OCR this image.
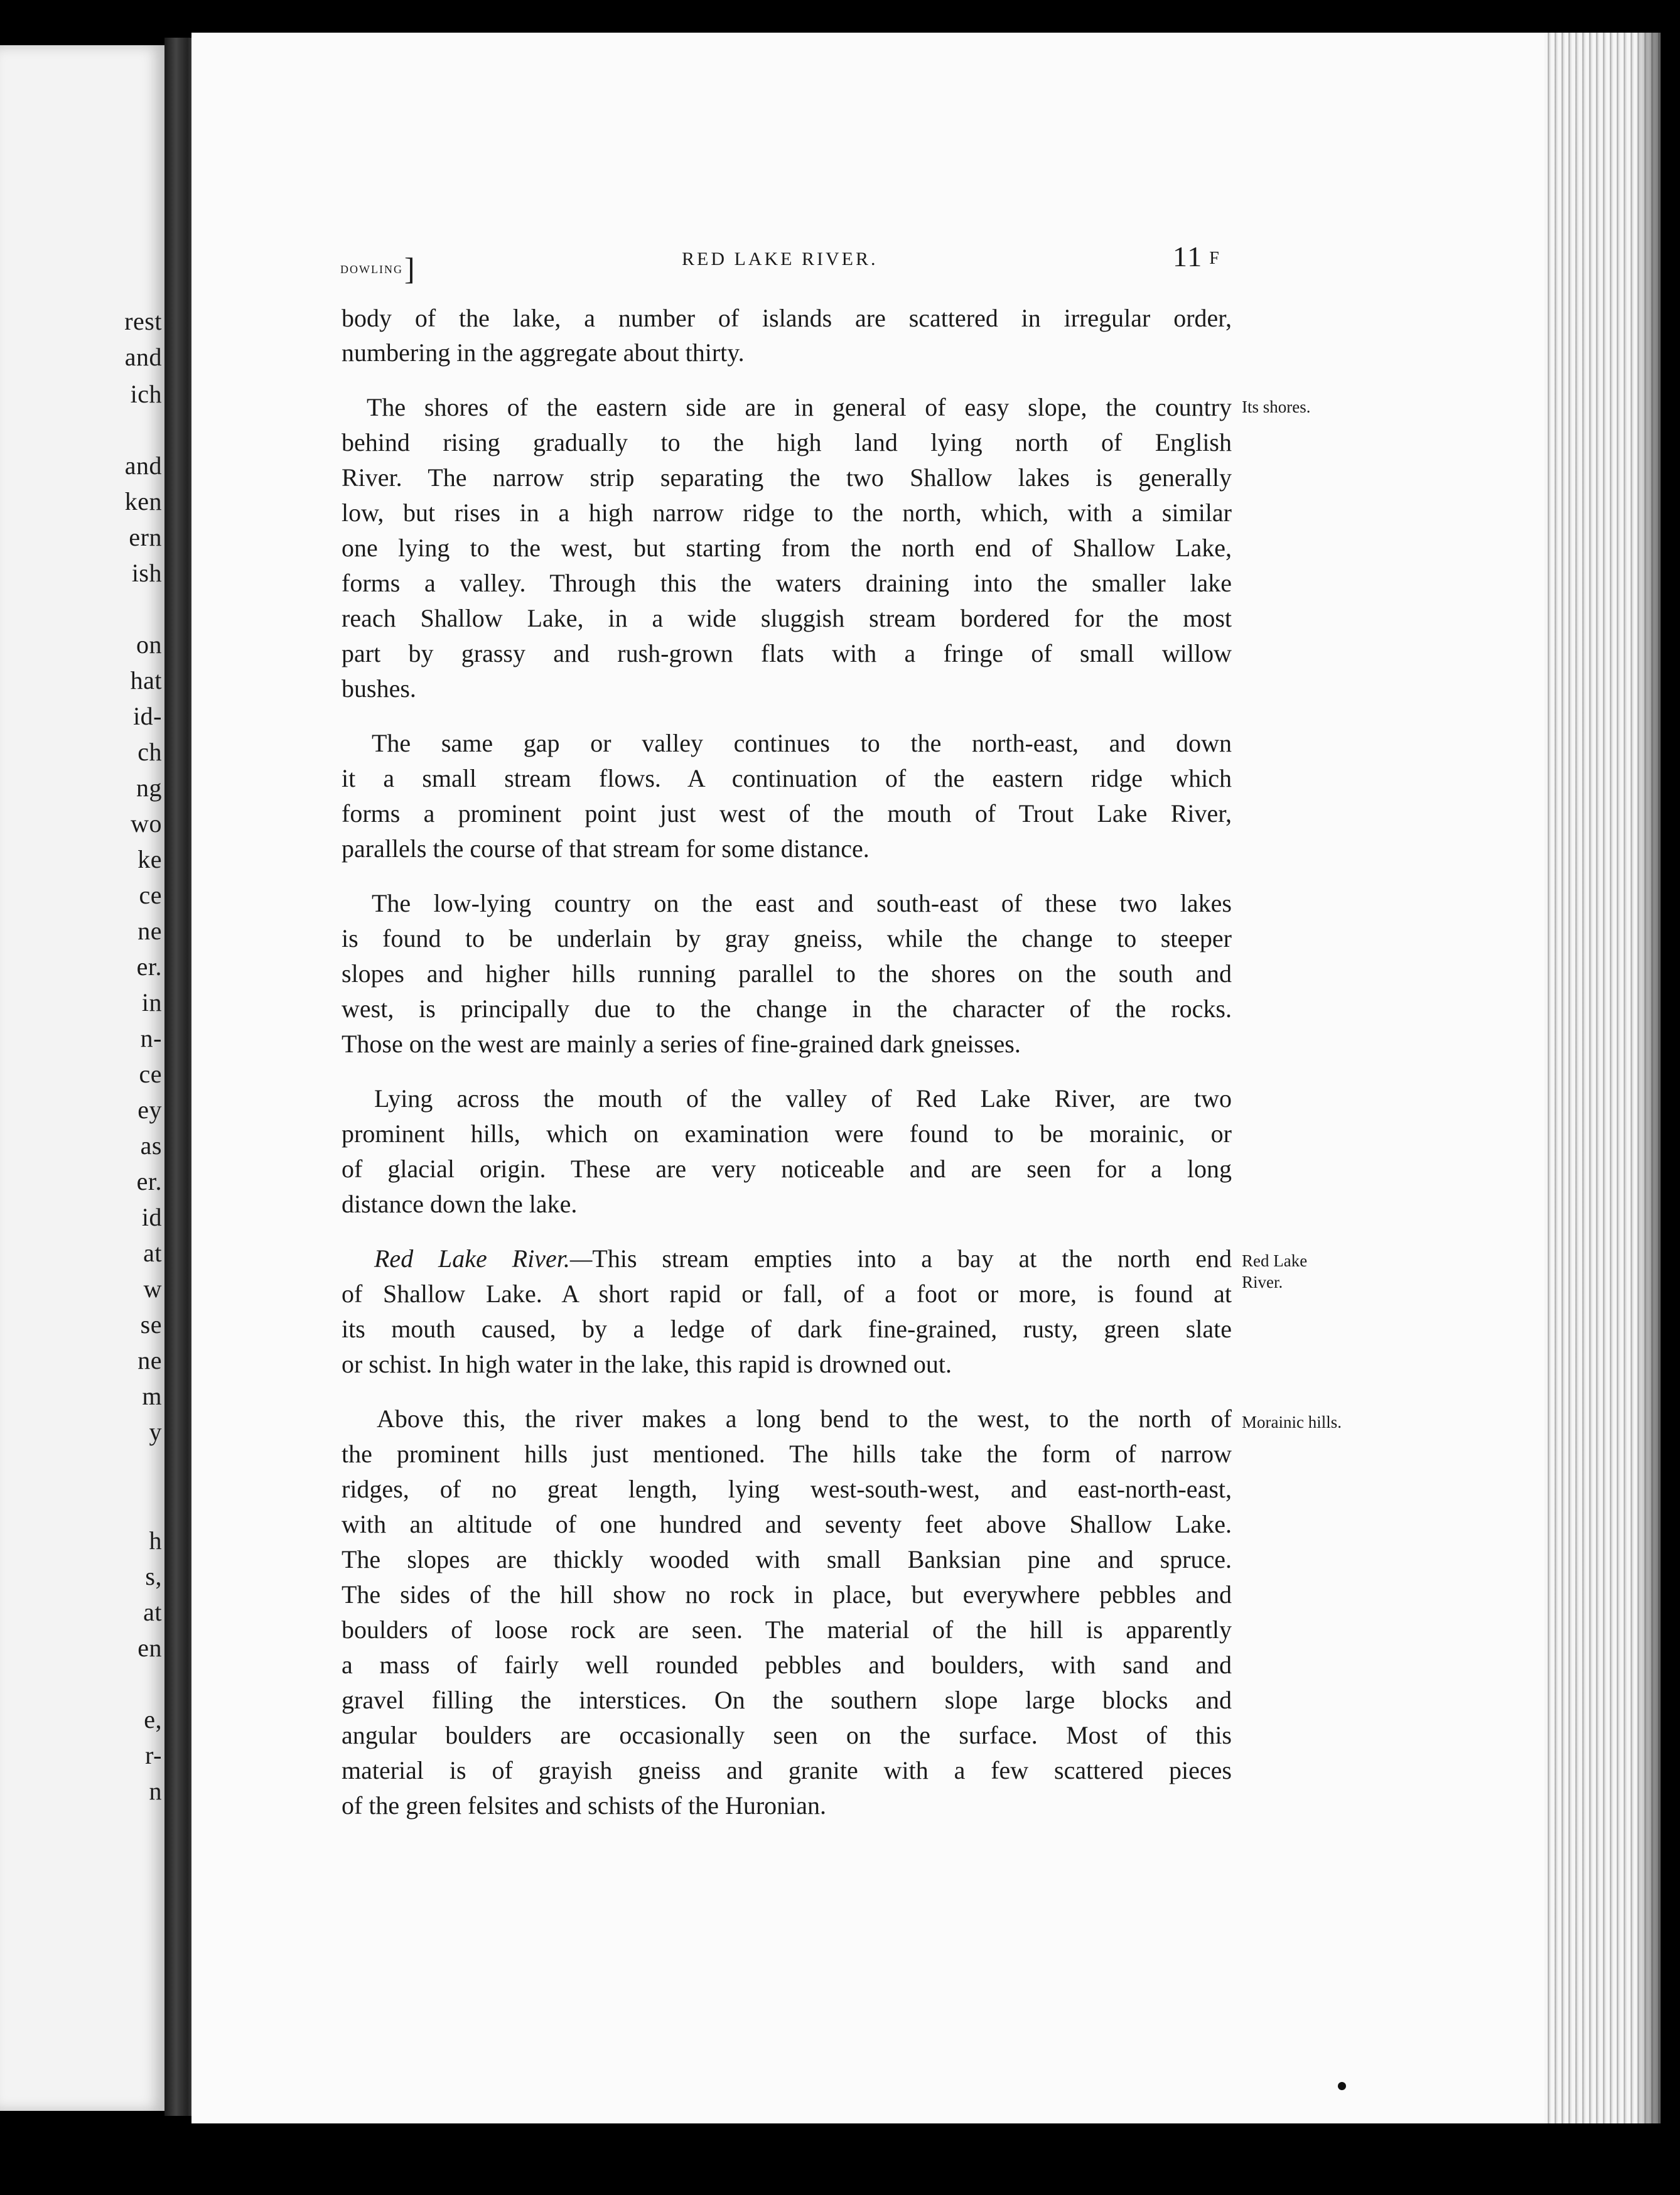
rest
and
ich
and
ken
ern
ish
on
hat
id-
ch
ng
wo
ke
ce
ne
er.
in
n-
ce
ey
as
er.
id
at
w
se
ne
m
y
h
s,
at
en
e,
r-
n
DOWLING]	RED LAKE RIVER.	11 F
body of the lake, a number of islands are scattered in irregular order,
numbering in the aggregate about thirty.
The shores of the eastern side are in general of easy slope, the country
behind rising gradually to the high land lying north of English
River. The narrow strip separating the two Shallow lakes is generally
low, but rises in a high narrow ridge to the north, which, with a similar
one lying to the west, but starting from the north end of Shallow Lake,
forms a valley. Through this the waters draining into the smaller lake
reach Shallow Lake, in a wide sluggish stream bordered for the most
part by grassy and rush-grown flats with a fringe of small willow
bushes.
The same gap or valley continues to the north-east, and down
it a small stream flows. A continuation of the eastern ridge which
forms a prominent point just west of the mouth of Trout Lake River,
parallels the course of that stream for some distance.
The low-lying country on the east and south-east of these two lakes
is found to be underlain by gray gneiss, while the change to steeper
slopes and higher hills running parallel to the shores on the south and
west, is principally due to the change in the character of the rocks.
Those on the west are mainly a series of fine-grained dark gneisses.
Lying across the mouth of the valley of Red Lake River, are two
prominent hills, which on examination were found to be morainic, or
of glacial origin. These are very noticeable and are seen for a long
distance down the lake.
Red Lake River.—This stream empties into a bay at the north end
of Shallow Lake. A short rapid or fall, of a foot or more, is found at
its mouth caused, by a ledge of dark fine-grained, rusty, green slate
or schist. In high water in the lake, this rapid is drowned out.
Above this, the river makes a long bend to the west, to the north of
the prominent hills just mentioned. The hills take the form of narrow
ridges, of no great length, lying west-south-west, and east-north-east,
with an altitude of one hundred and seventy feet above Shallow Lake.
The slopes are thickly wooded with small Banksian pine and spruce.
The sides of the hill show no rock in place, but everywhere pebbles and
boulders of loose rock are seen. The material of the hill is apparently
a mass of fairly well rounded pebbles and boulders, with sand and
gravel filling the interstices. On the southern slope large blocks and
angular boulders are occasionally seen on the surface. Most of this
material is of grayish gneiss and granite with a few scattered pieces
of the green felsites and schists of the Huronian.
Its shores.
Red Lake
River.
Morainic hills.
